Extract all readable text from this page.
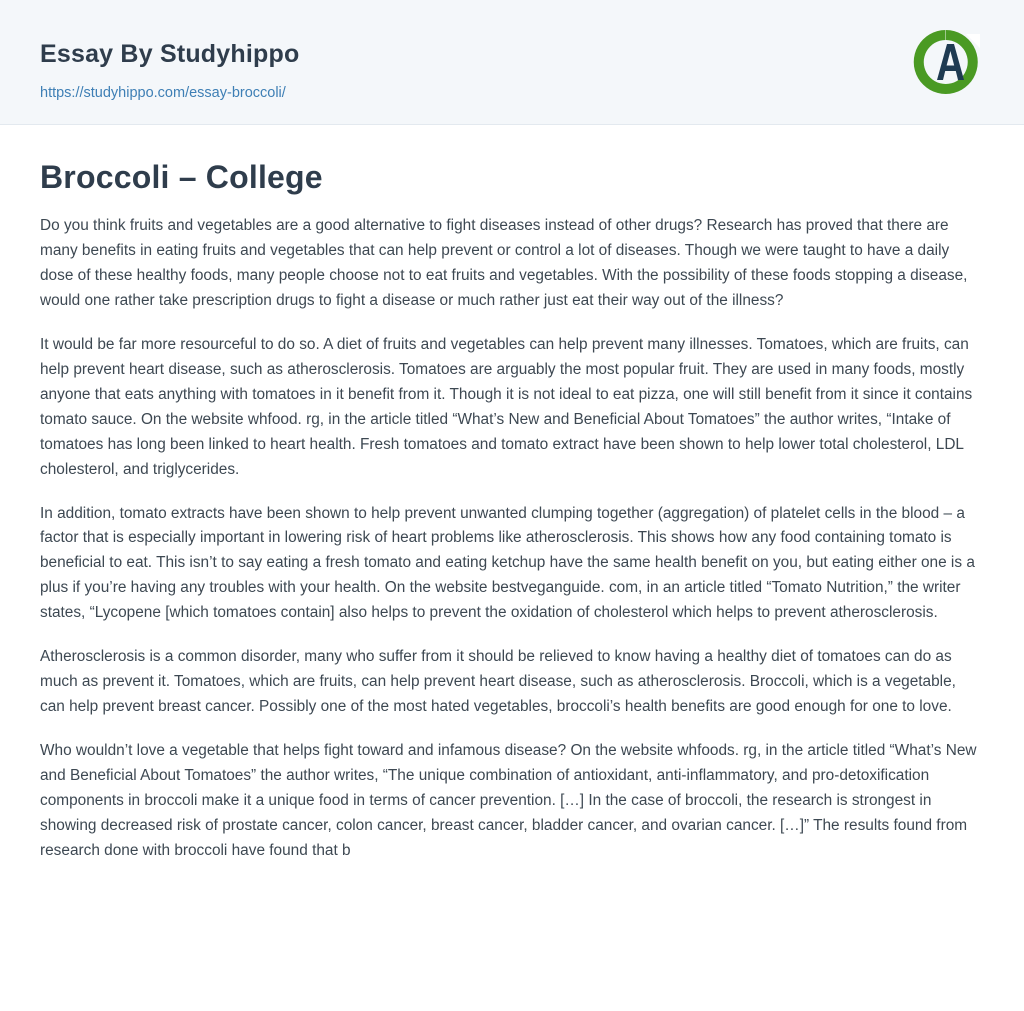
Essay By Studyhippo
https://studyhippo.com/essay-broccoli/
Broccoli – College

Do you think fruits and vegetables are a good alternative to fight diseases instead of other drugs? Research has proved that there are many benefits in eating fruits and vegetables that can help prevent or control a lot of diseases. Though we were taught to have a daily dose of these healthy foods, many people choose not to eat fruits and vegetables. With the possibility of these foods stopping a disease, would one rather take prescription drugs to fight a disease or much rather just eat their way out of the illness?

It would be far more resourceful to do so. A diet of fruits and vegetables can help prevent many illnesses. Tomatoes, which are fruits, can help prevent heart disease, such as atherosclerosis. Tomatoes are arguably the most popular fruit. They are used in many foods, mostly anyone that eats anything with tomatoes in it benefit from it. Though it is not ideal to eat pizza, one will still benefit from it since it contains tomato sauce. On the website whfood. rg, in the article titled “What’s New and Beneficial About Tomatoes” the author writes, “Intake of tomatoes has long been linked to heart health. Fresh tomatoes and tomato extract have been shown to help lower total cholesterol, LDL cholesterol, and triglycerides.

In addition, tomato extracts have been shown to help prevent unwanted clumping together (aggregation) of platelet cells in the blood – a factor that is especially important in lowering risk of heart problems like atherosclerosis. This shows how any food containing tomato is beneficial to eat. This isn’t to say eating a fresh tomato and eating ketchup have the same health benefit on you, but eating either one is a plus if you’re having any troubles with your health. On the website bestveganguide. com, in an article titled “Tomato Nutrition,” the writer states, “Lycopene [which tomatoes contain] also helps to prevent the oxidation of cholesterol which helps to prevent atherosclerosis.

Atherosclerosis is a common disorder, many who suffer from it should be relieved to know having a healthy diet of tomatoes can do as much as prevent it. Tomatoes, which are fruits, can help prevent heart disease, such as atherosclerosis. Broccoli, which is a vegetable, can help prevent breast cancer. Possibly one of the most hated vegetables, broccoli’s health benefits are good enough for one to love.

Who wouldn’t love a vegetable that helps fight toward and infamous disease? On the website whfoods. rg, in the article titled “What’s New and Beneficial About Tomatoes” the author writes, “The unique combination of antioxidant, anti-inflammatory, and pro-detoxification components in broccoli make it a unique food in terms of cancer prevention. […] In the case of broccoli, the research is strongest in showing decreased risk of prostate cancer, colon cancer, breast cancer, bladder cancer, and ovarian cancer. […]” The results found from research done with broccoli have found that b
